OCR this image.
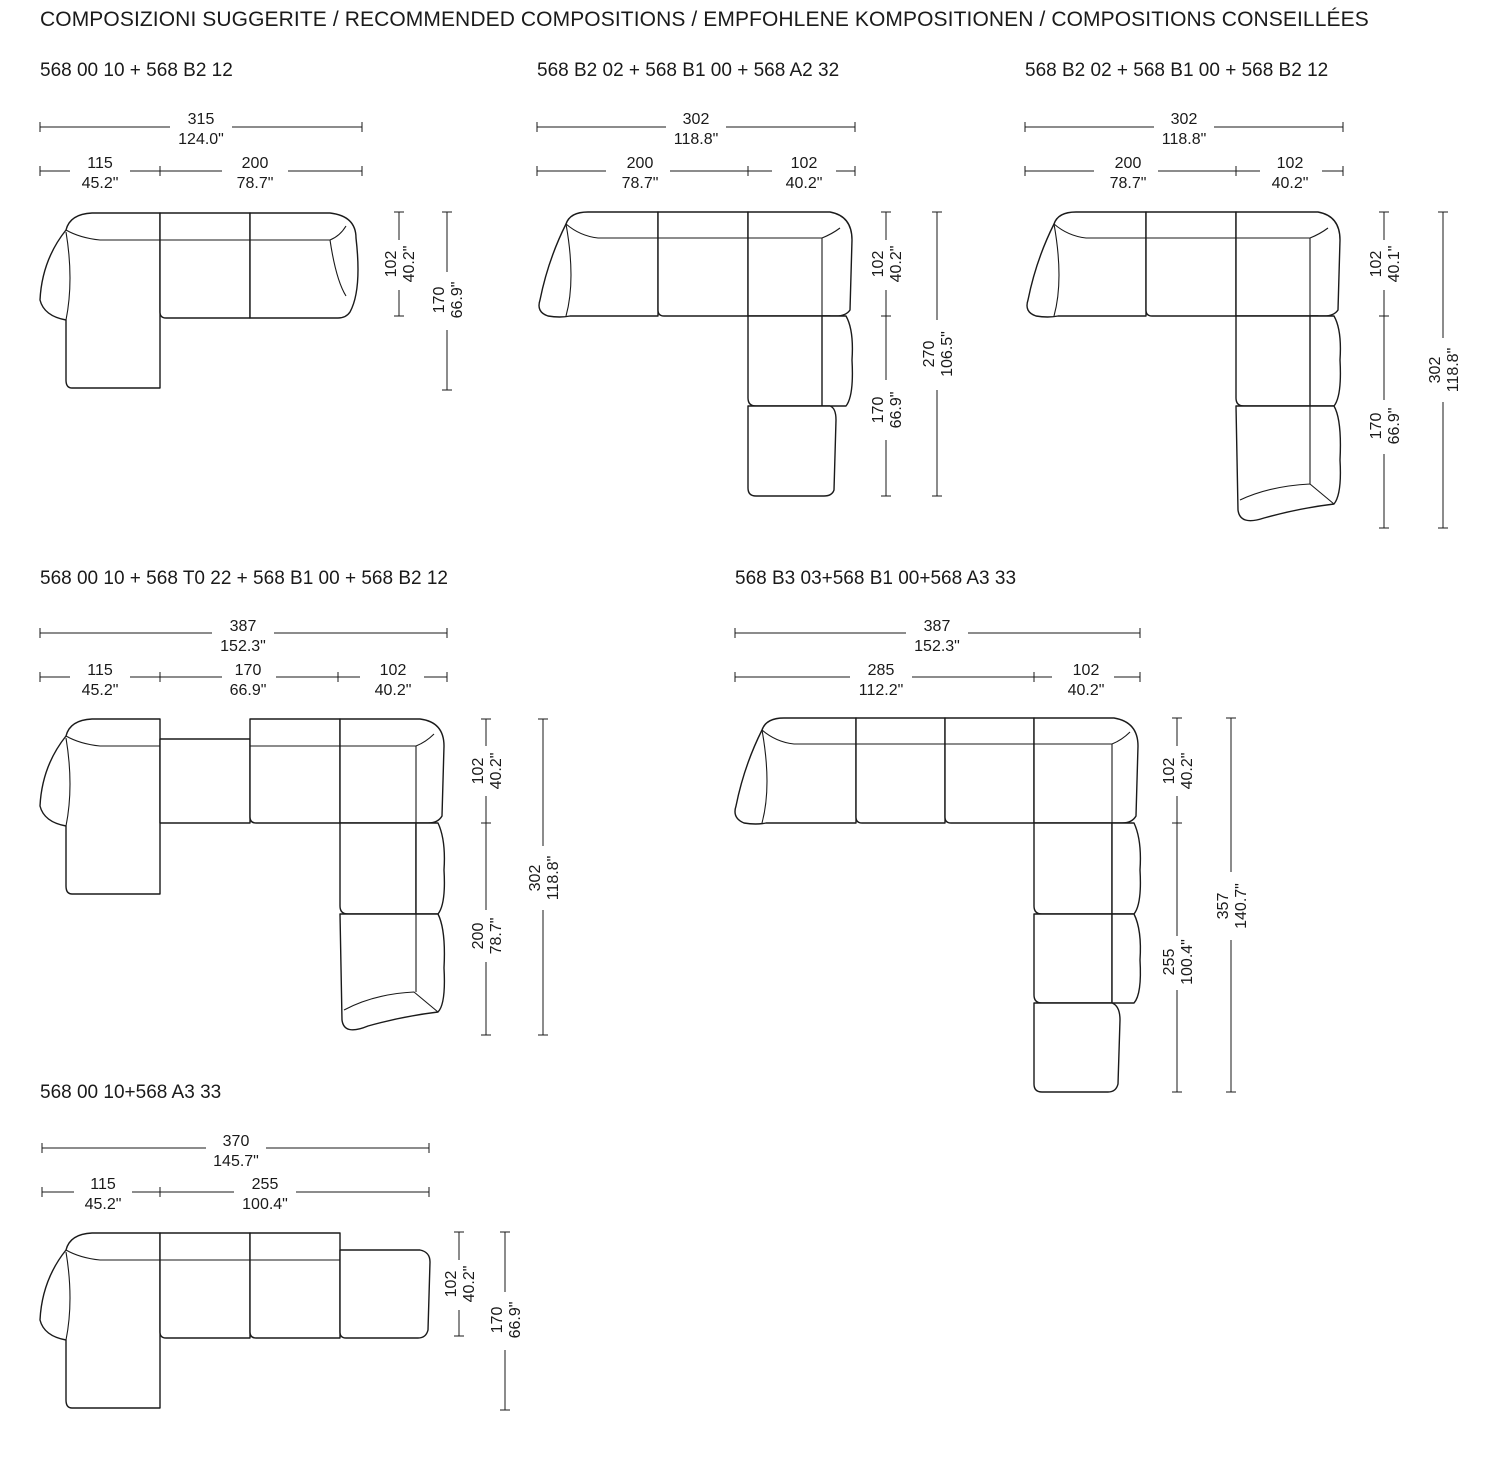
COMPOSIZIONI SUGGERITE / RECOMMENDED COMPOSITIONS / EMPFOHLENE KOMPOSITIONEN / COMPOSITIONS CONSEILLÉES
568 00 10 + 568 B2 12	568 B2 02 + 568 B1 00 + 568 A2 32	568 B2 02 + 568 B1 00 + 568 B2 12
568 00 10 + 568 T0 22 + 568 B1 00 + 568 B2 12	568 B3 03+568 B1 00+568 A3 33
568 00 10+568 A3 33
315
124.0"
115
45.2"
200
78.7"
102 40.2"
170 66.9"
302
118.8"
200
78.7"
102
40.2"
102 40.2"
170 66.9"
270 106.5"
302
118.8"
200
78.7"
102
40.2"
102 40.1"
170 66.9"
302 118.8"
387
152.3"
115
45.2"
170
66.9"
102
40.2"
102 40.2"
200 78.7"
302 118.8"
387
152.3"
285
112.2"
102
40.2"
102 40.2"
255 100.4"
357 140.7"
370
145.7"
115
45.2"
255
100.4"
102 40.2"
170 66.9"
